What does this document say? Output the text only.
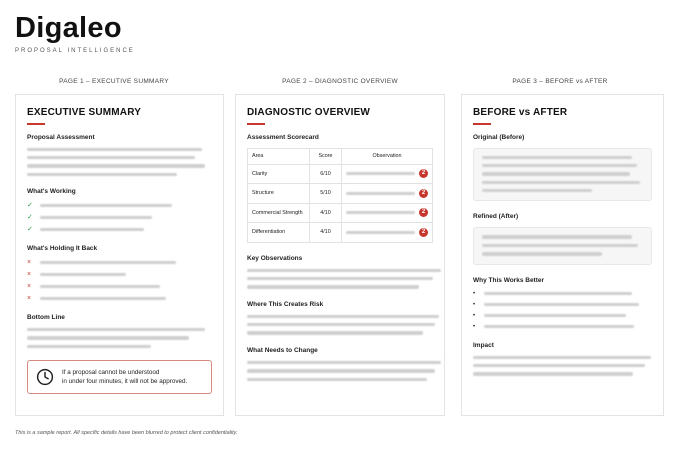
Digaleo
PROPOSAL INTELLIGENCE
PAGE 1 – EXECUTIVE SUMMARY	PAGE 2 – DIAGNOSTIC OVERVIEW	PAGE 3 – BEFORE vs AFTER
EXECUTIVE SUMMARY
Proposal Assessment
What's Working
✓
✓
✓
What's Holding It Back
×
×
×
×
Bottom Line
If a proposal cannot be understood
in under four minutes, it will not be approved.
DIAGNOSTIC OVERVIEW
Assessment Scorecard
Area	Score	Observation
Clarity	6/10	2

Structure	5/10	2

Commercial Strength	4/10	2

Differentiation	4/10	2
Key Observations
Where This Creates Risk
What Needs to Change
BEFORE vs AFTER
Original (Before)
Refined (After)
Why This Works Better
•
•
•
•
Impact
This is a sample report. All specific details have been blurred to protect client confidentiality.
